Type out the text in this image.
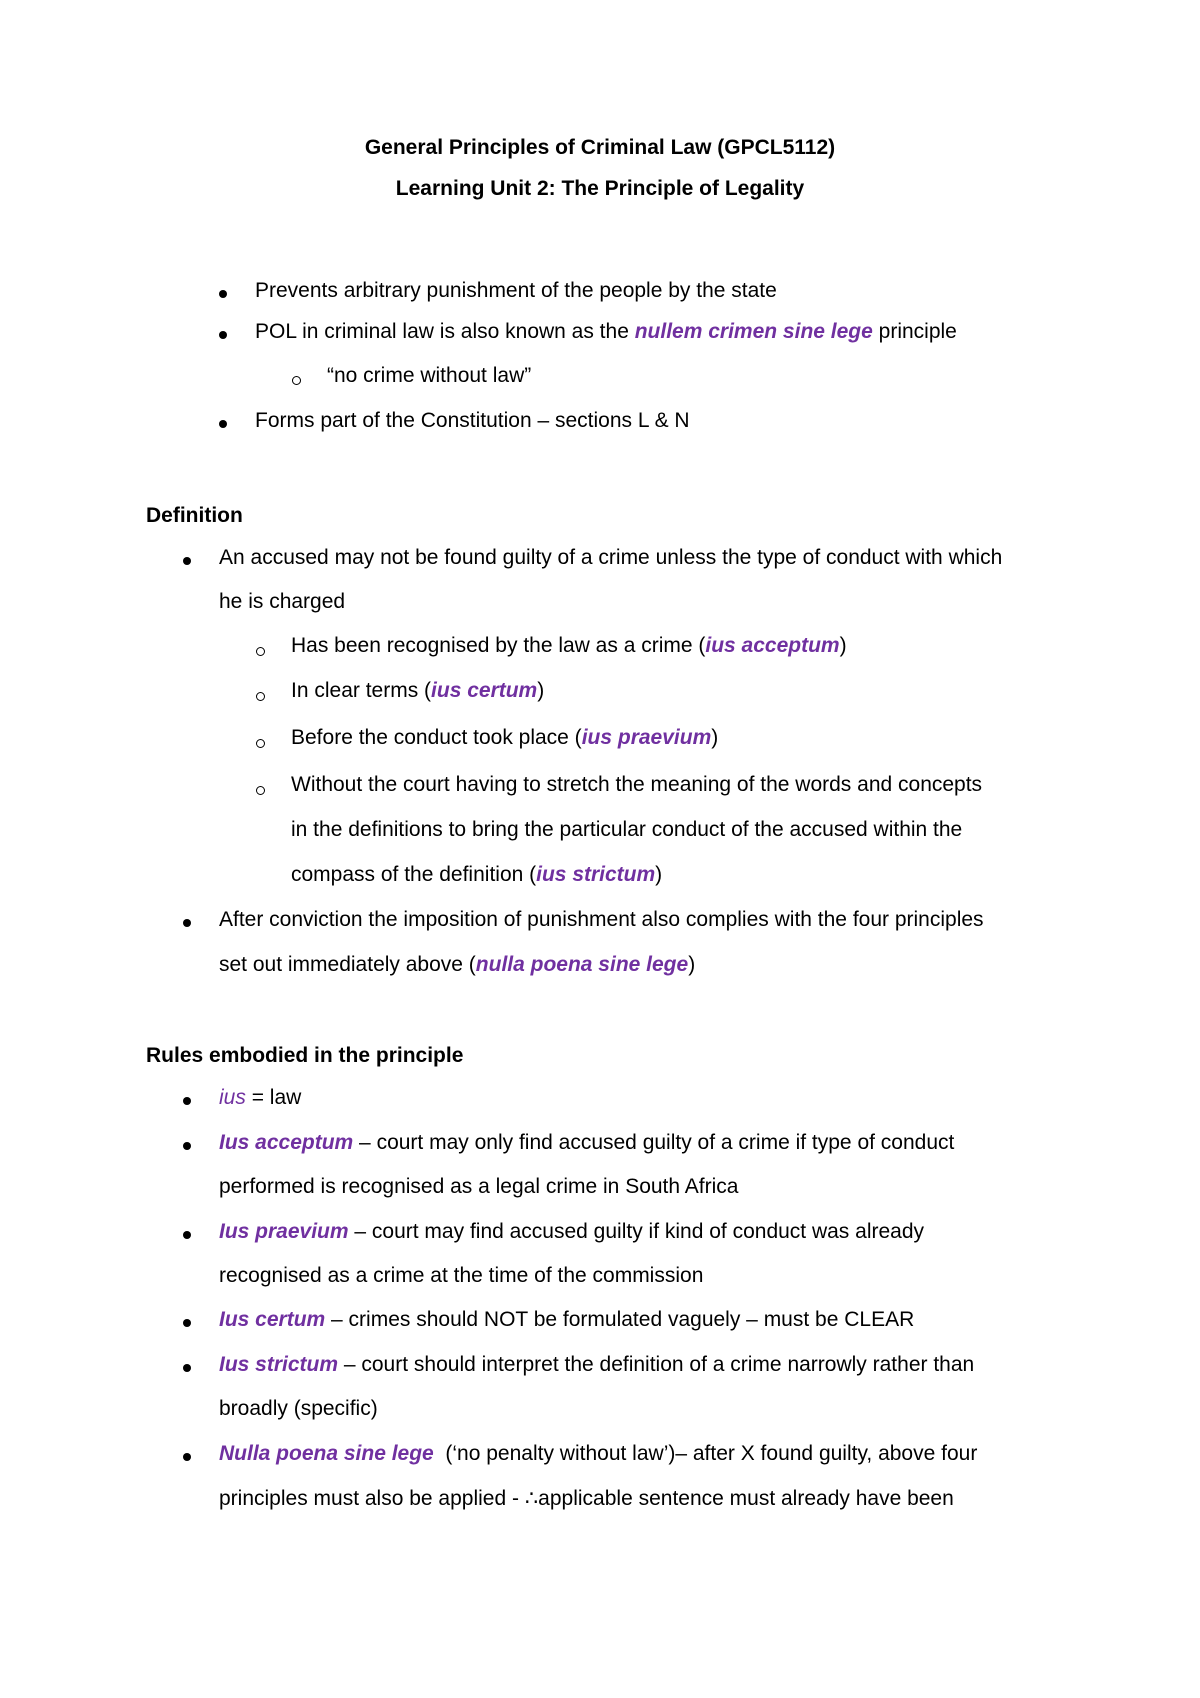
General Principles of Criminal Law (GPCL5112)
Learning Unit 2: The Principle of Legality
Prevents arbitrary punishment of the people by the state
POL in criminal law is also known as the nullem crimen sine lege principle
“no crime without law”
Forms part of the Constitution – sections L & N
Definition
An accused may not be found guilty of a crime unless the type of conduct with which
he is charged
Has been recognised by the law as a crime (ius acceptum)
In clear terms (ius certum)
Before the conduct took place (ius praevium)
Without the court having to stretch the meaning of the words and concepts
in the definitions to bring the particular conduct of the accused within the
compass of the definition (ius strictum)
After conviction the imposition of punishment also complies with the four principles
set out immediately above (nulla poena sine lege)
Rules embodied in the principle
ius = law
Ius acceptum – court may only find accused guilty of a crime if type of conduct
performed is recognised as a legal crime in South Africa
Ius praevium – court may find accused guilty if kind of conduct was already
recognised as a crime at the time of the commission
Ius certum – crimes should NOT be formulated vaguely – must be CLEAR
Ius strictum – court should interpret the definition of a crime narrowly rather than
broadly (specific)
Nulla poena sine lege  (‘no penalty without law’)– after X found guilty, above four
principles must also be applied - ∴applicable sentence must already have been
